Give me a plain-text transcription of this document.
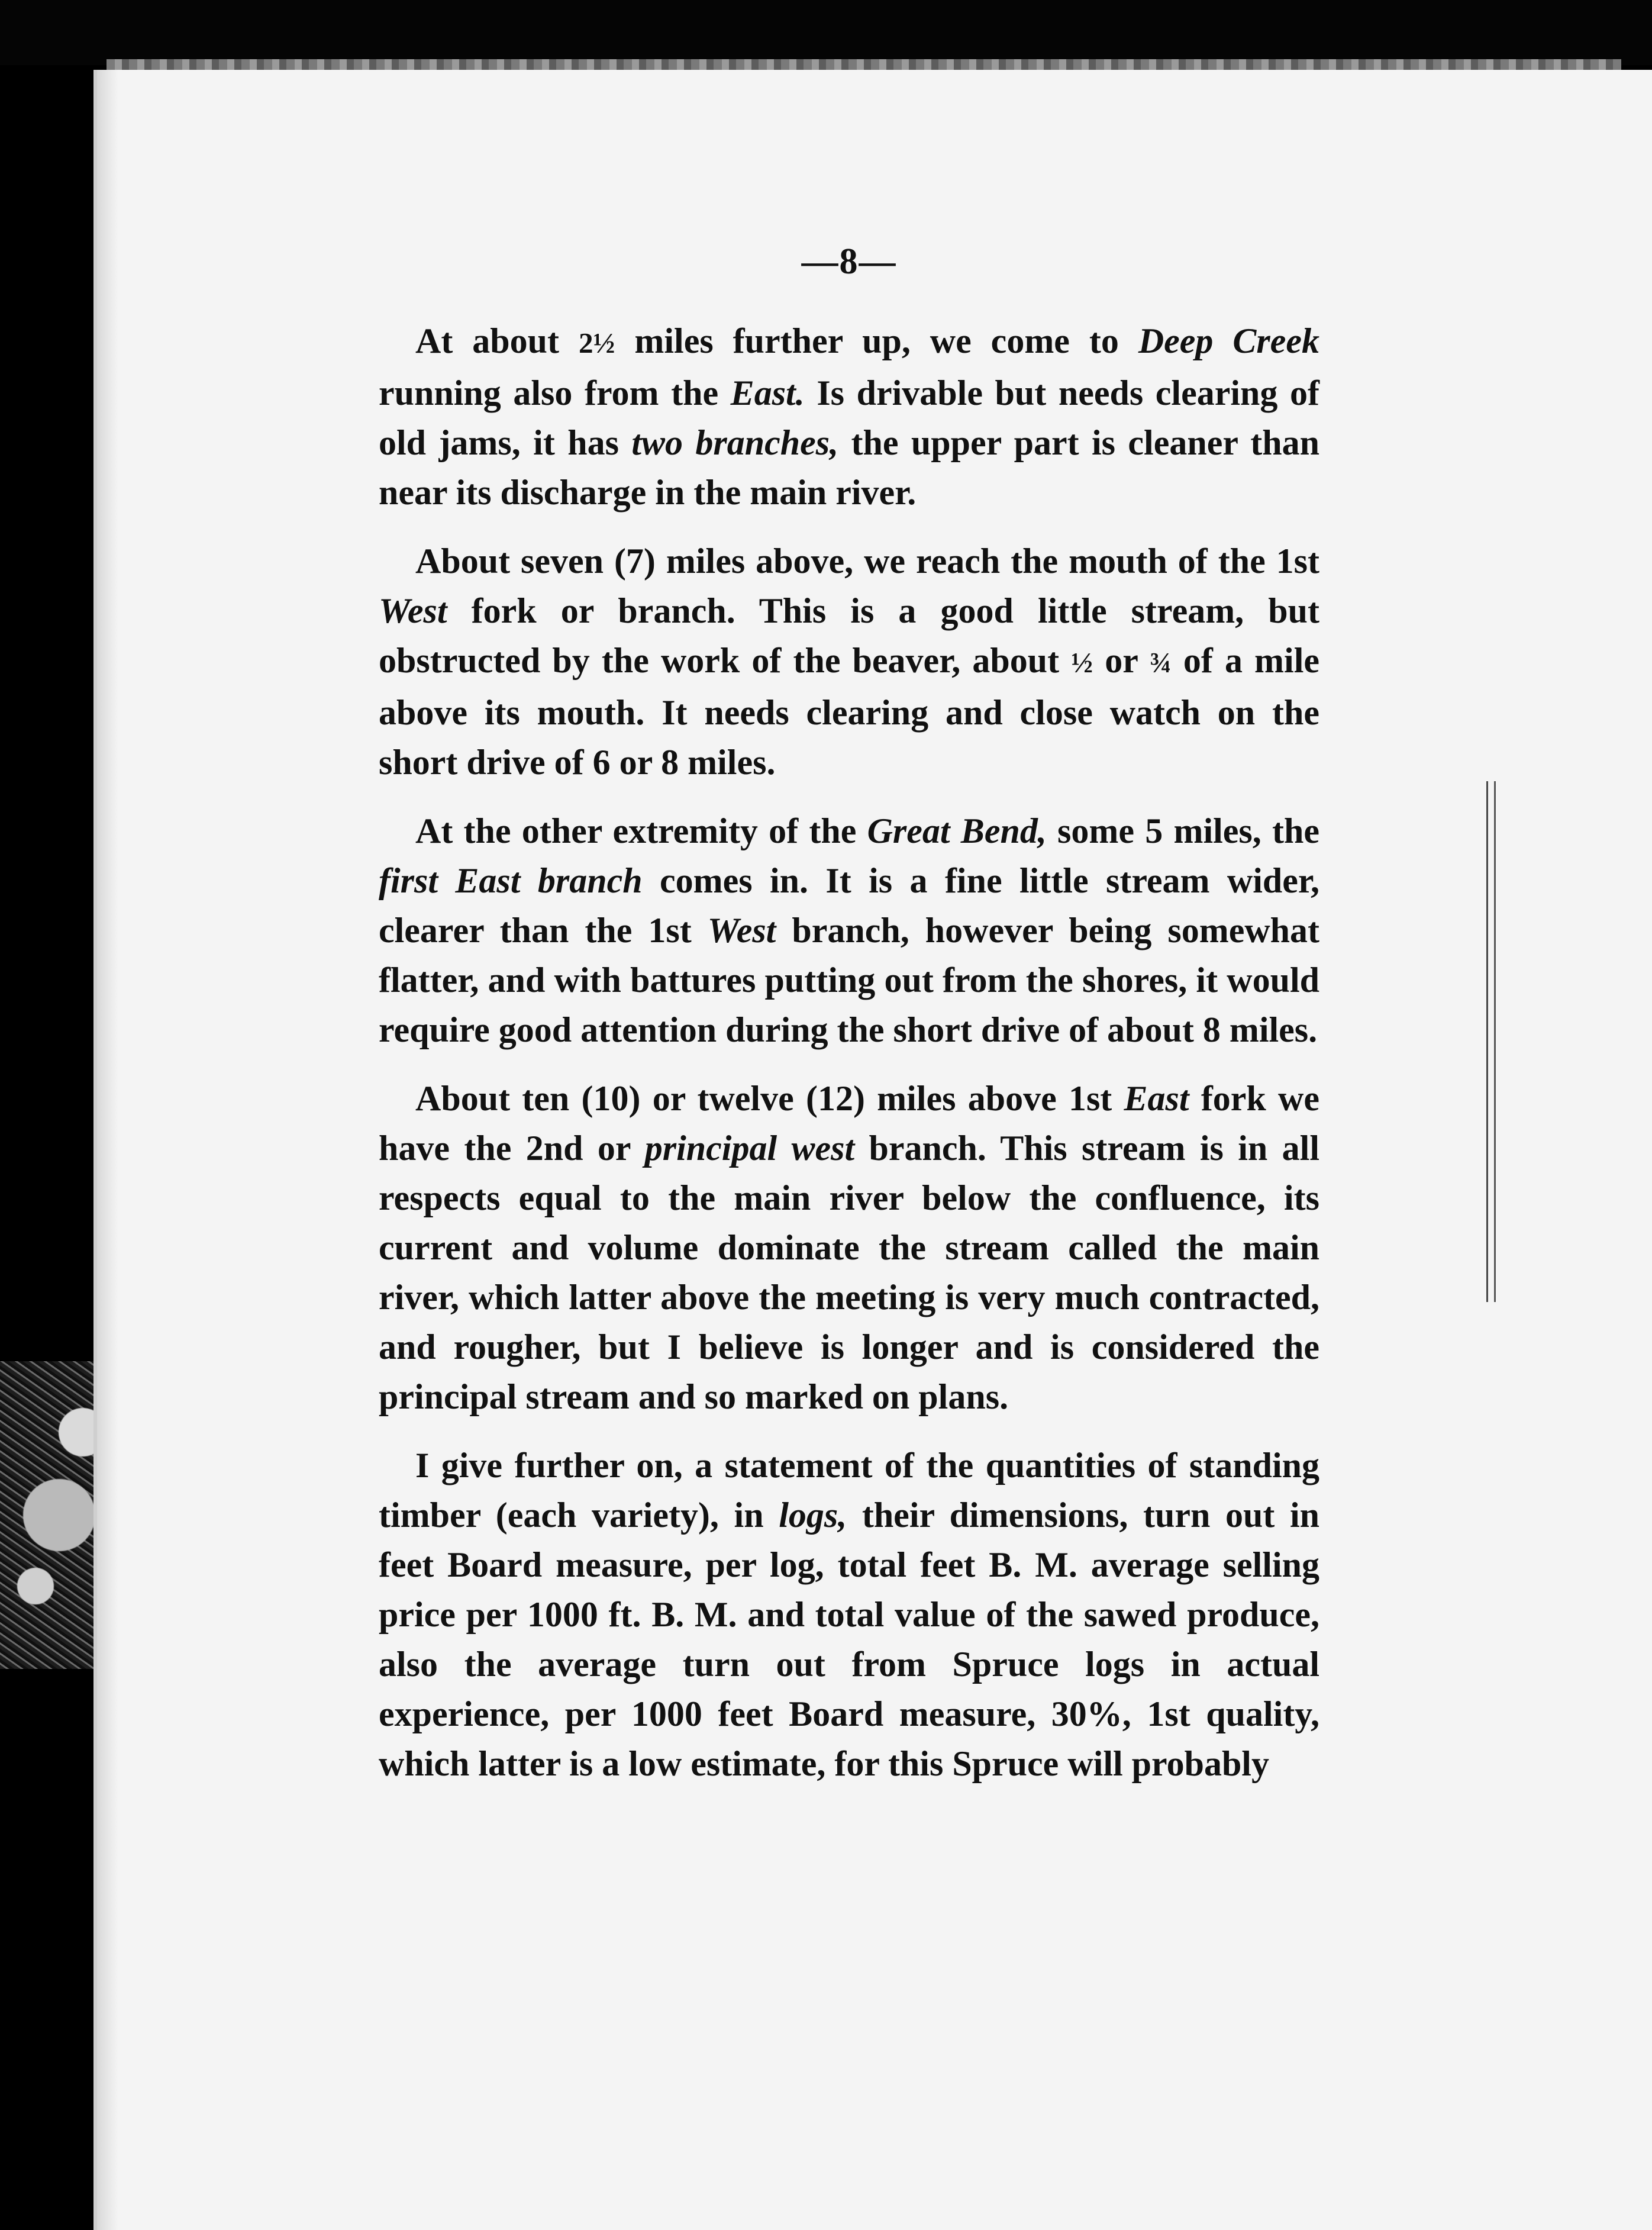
—8—

At about 2½ miles further up, we come to Deep Creek running also from the East. Is drivable but needs clearing of old jams, it has two branches, the upper part is cleaner than near its discharge in the main river.

About seven (7) miles above, we reach the mouth of the 1st West fork or branch. This is a good little stream, but obstructed by the work of the beaver, about ½ or ¾ of a mile above its mouth. It needs clearing and close watch on the short drive of 6 or 8 miles.

At the other extremity of the Great Bend, some 5 miles, the first East branch comes in. It is a fine little stream wider, clearer than the 1st West branch, however being somewhat flatter, and with battures putting out from the shores, it would require good attention during the short drive of about 8 miles.

About ten (10) or twelve (12) miles above 1st East fork we have the 2nd or principal west branch. This stream is in all respects equal to the main river below the confluence, its current and volume dominate the stream called the main river, which latter above the meeting is very much contracted, and rougher, but I believe is longer and is considered the principal stream and so marked on plans.

I give further on, a statement of the quantities of standing timber (each variety), in logs, their dimensions, turn out in feet Board measure, per log, total feet B. M. average selling price per 1000 ft. B. M. and total value of the sawed produce, also the average turn out from Spruce logs in actual experience, per 1000 feet Board measure, 30%, 1st quality, which latter is a low estimate, for this Spruce will probably
